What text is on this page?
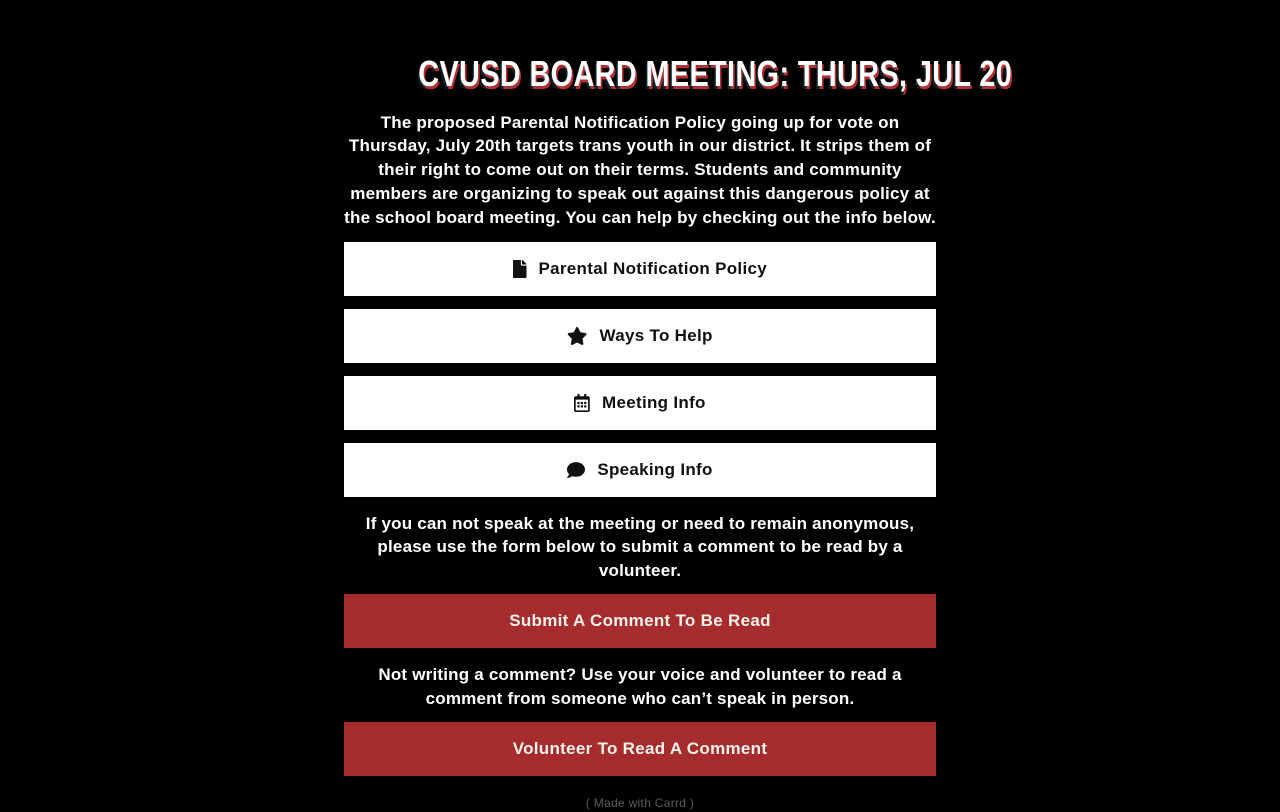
CVUSD BOARD MEETING: THURS, JUL 20

The proposed Parental Notification Policy going up for vote on Thursday, July 20th targets trans youth in our district. It strips them of their right to come out on their terms. Students and community members are organizing to speak out against this dangerous policy at the school board meeting. You can help by checking out the info below.

Parental Notification Policy
Ways To Help
Meeting Info
Speaking Info

If you can not speak at the meeting or need to remain anonymous, please use the form below to submit a comment to be read by a volunteer.

Submit A Comment To Be Read

Not writing a comment? Use your voice and volunteer to read a comment from someone who can’t speak in person.

Volunteer To Read A Comment
( Made with Carrd )
